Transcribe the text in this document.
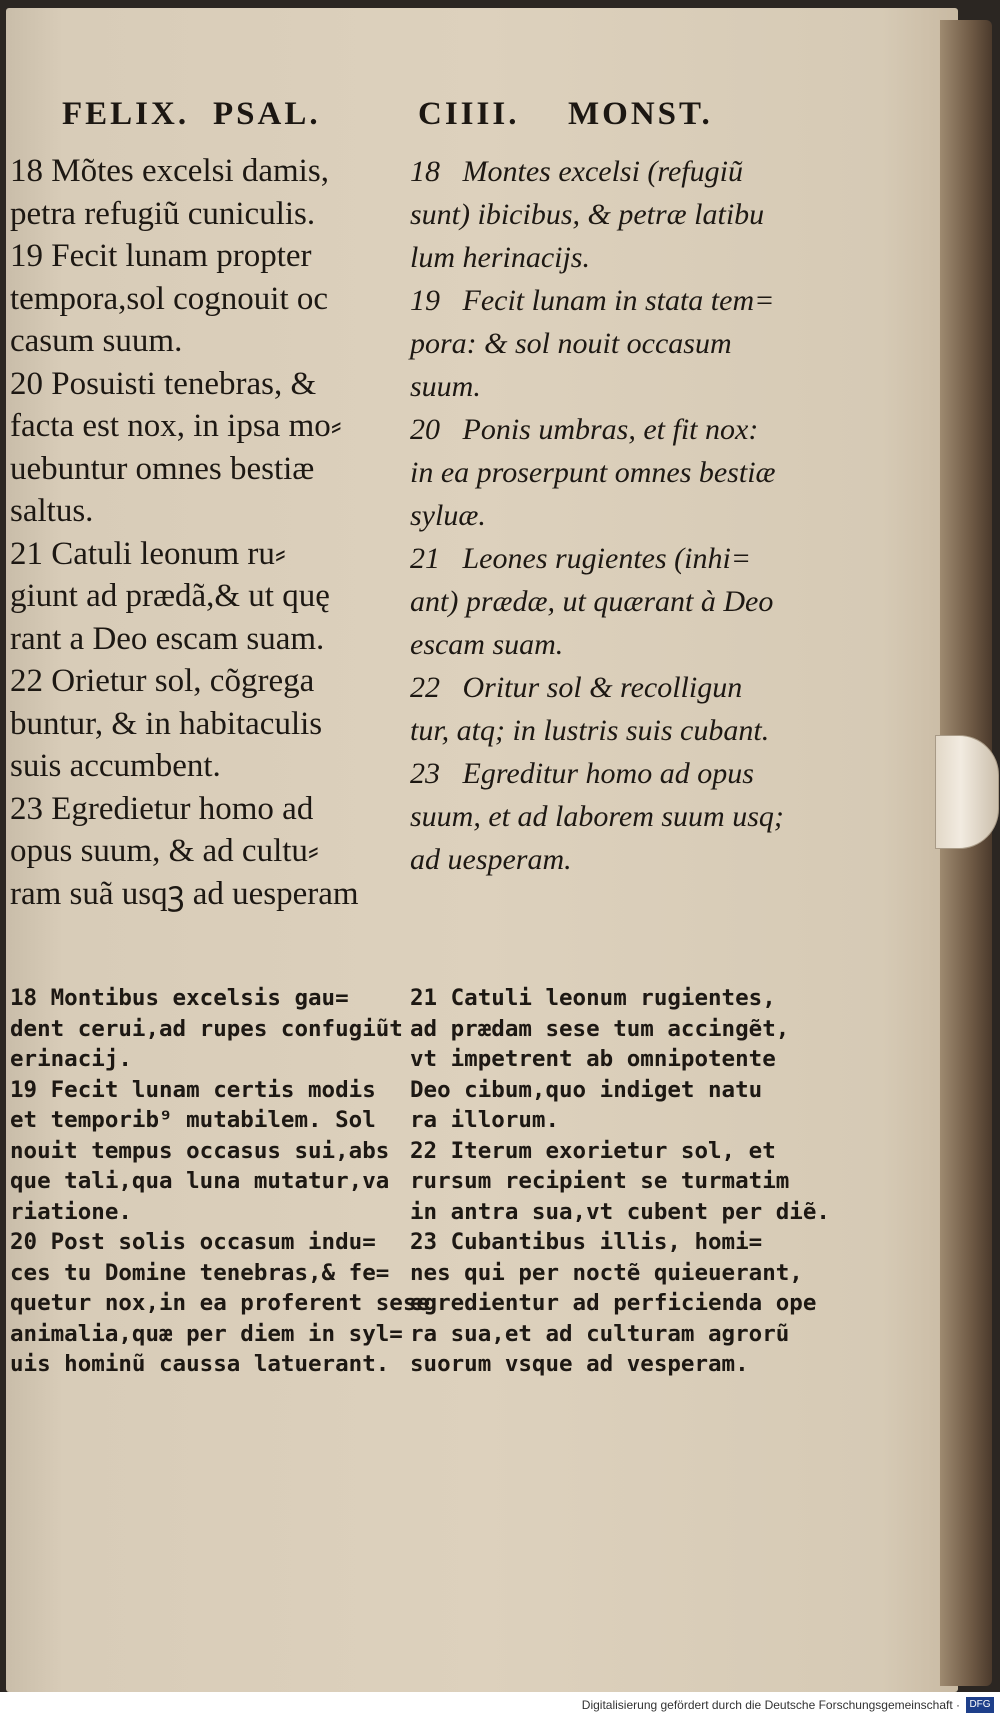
FELIX. PSAL.	CIIII. MONST.
18 Mõtes excelsi damis,
petra refugiũ cuniculis.
19 Fecit lunam propter
tempora,sol cognouit oc
casum suum.
20 Posuisti tenebras, &
facta est nox, in ipsa mo⸗
uebuntur omnes bestiæ
saltus.
21 Catuli leonum ru⸗
giunt ad prædã,& ut quę
rant a Deo escam suam.
22 Orietur sol, cõgrega
buntur, & in habitaculis
suis accumbent.
23 Egredietur homo ad
opus suum, & ad cultu⸗
ram suã usqꝫ ad uesperam
18   Montes excelsi (refugiũ
sunt) ibicibus, & petræ latibu
lum herinacijs.
19   Fecit lunam in stata tem=
pora: & sol nouit occasum
suum.
20   Ponis umbras, et fit nox:
in ea proserpunt omnes bestiæ
syluæ.
21   Leones rugientes (inhi=
ant) prædæ, ut quærant à Deo
escam suam.
22   Oritur sol & recolligun
tur, atq; in lustris suis cubant.
23   Egreditur homo ad opus
suum, et ad laborem suum usq;
ad uesperam.
18 Montibus excelsis gau=
dent cerui,ad rupes confugiũt
erinacij.
19 Fecit lunam certis modis
et temporib⁹ mutabilem. Sol
nouit tempus occasus sui,abs
que tali,qua luna mutatur,va
riatione.
20 Post solis occasum indu=
ces tu Domine tenebras,& fe=
quetur nox,in ea proferent sese
animalia,quæ per diem in syl=
uis hominũ caussa latuerant.
21 Catuli leonum rugientes,
ad prædam sese tum accingẽt,
vt impetrent ab omnipotente
Deo cibum,quo indiget natu
ra illorum.
22 Iterum exorietur sol, et
rursum recipient se turmatim
in antra sua,vt cubent per diẽ.
23 Cubantibus illis, homi=
nes qui per noctẽ quieuerant,
egredientur ad perficienda ope
ra sua,et ad culturam agrorũ
suorum vsque ad vesperam.
Digitalisierung gefördert durch die Deutsche Forschungsgemeinschaft · DFG
